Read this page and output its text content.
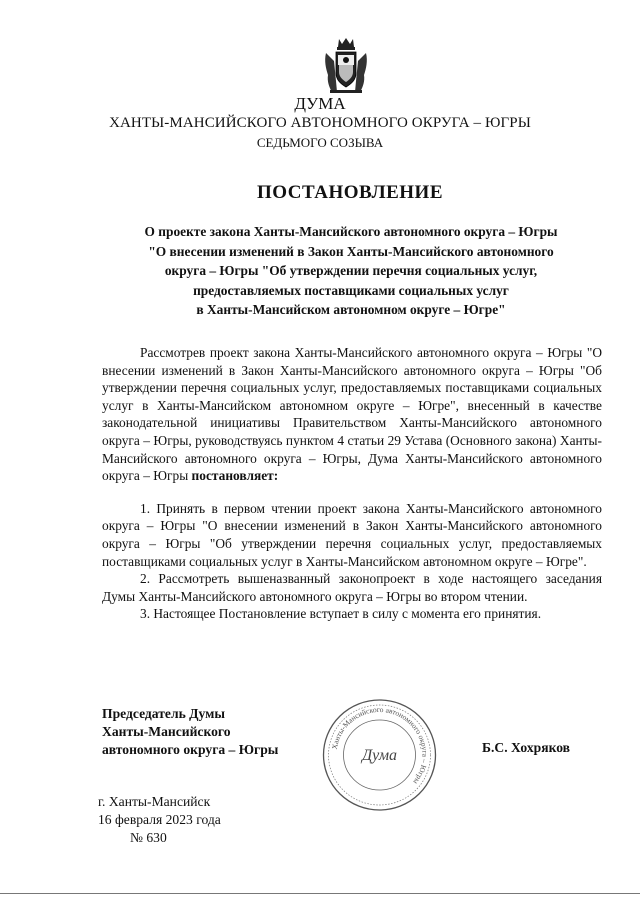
ДУМА
ХАНТЫ-МАНСИЙСКОГО АВТОНОМНОГО ОКРУГА – ЮГРЫ
СЕДЬМОГО СОЗЫВА
ПОСТАНОВЛЕНИЕ
О проекте закона Ханты-Мансийского автономного округа – Югры
"О внесении изменений в Закон Ханты-Мансийского автономного
округа – Югры "Об утверждении перечня социальных услуг,
предоставляемых поставщиками социальных услуг
в Ханты-Мансийском автономном округе – Югре"

Рассмотрев проект закона Ханты-Мансийского автономного округа – Югры "О внесении изменений в Закон Ханты-Мансийского автономного округа – Югры "Об утверждении перечня социальных услуг, предоставляемых поставщиками социальных услуг в Ханты-Мансийском автономном округе – Югре", внесенный в качестве законодательной инициативы Правительством Ханты-Мансийского автономного округа – Югры, руководствуясь пунктом 4 статьи 29 Устава (Основного закона) Ханты-Мансийского автономного округа – Югры, Дума Ханты-Мансийского автономного округа – Югры постановляет:

1. Принять в первом чтении проект закона Ханты-Мансийского автономного округа – Югры "О внесении изменений в Закон Ханты-Мансийского автономного округа – Югры "Об утверждении перечня социальных услуг, предоставляемых поставщиками социальных услуг в Ханты-Мансийском автономном округе – Югре".

2. Рассмотреть вышеназванный законопроект в ходе настоящего заседания Думы Ханты-Мансийского автономного округа – Югры во втором чтении.

3. Настоящее Постановление вступает в силу с момента его принятия.

Председатель Думы
Ханты-Мансийского
автономного округа – Югры	Ханты-Мансийского автономного округа – Югры
Дума	Б.С. Хохряков
г. Ханты-Мансийск
16 февраля 2023 года
№ 630
